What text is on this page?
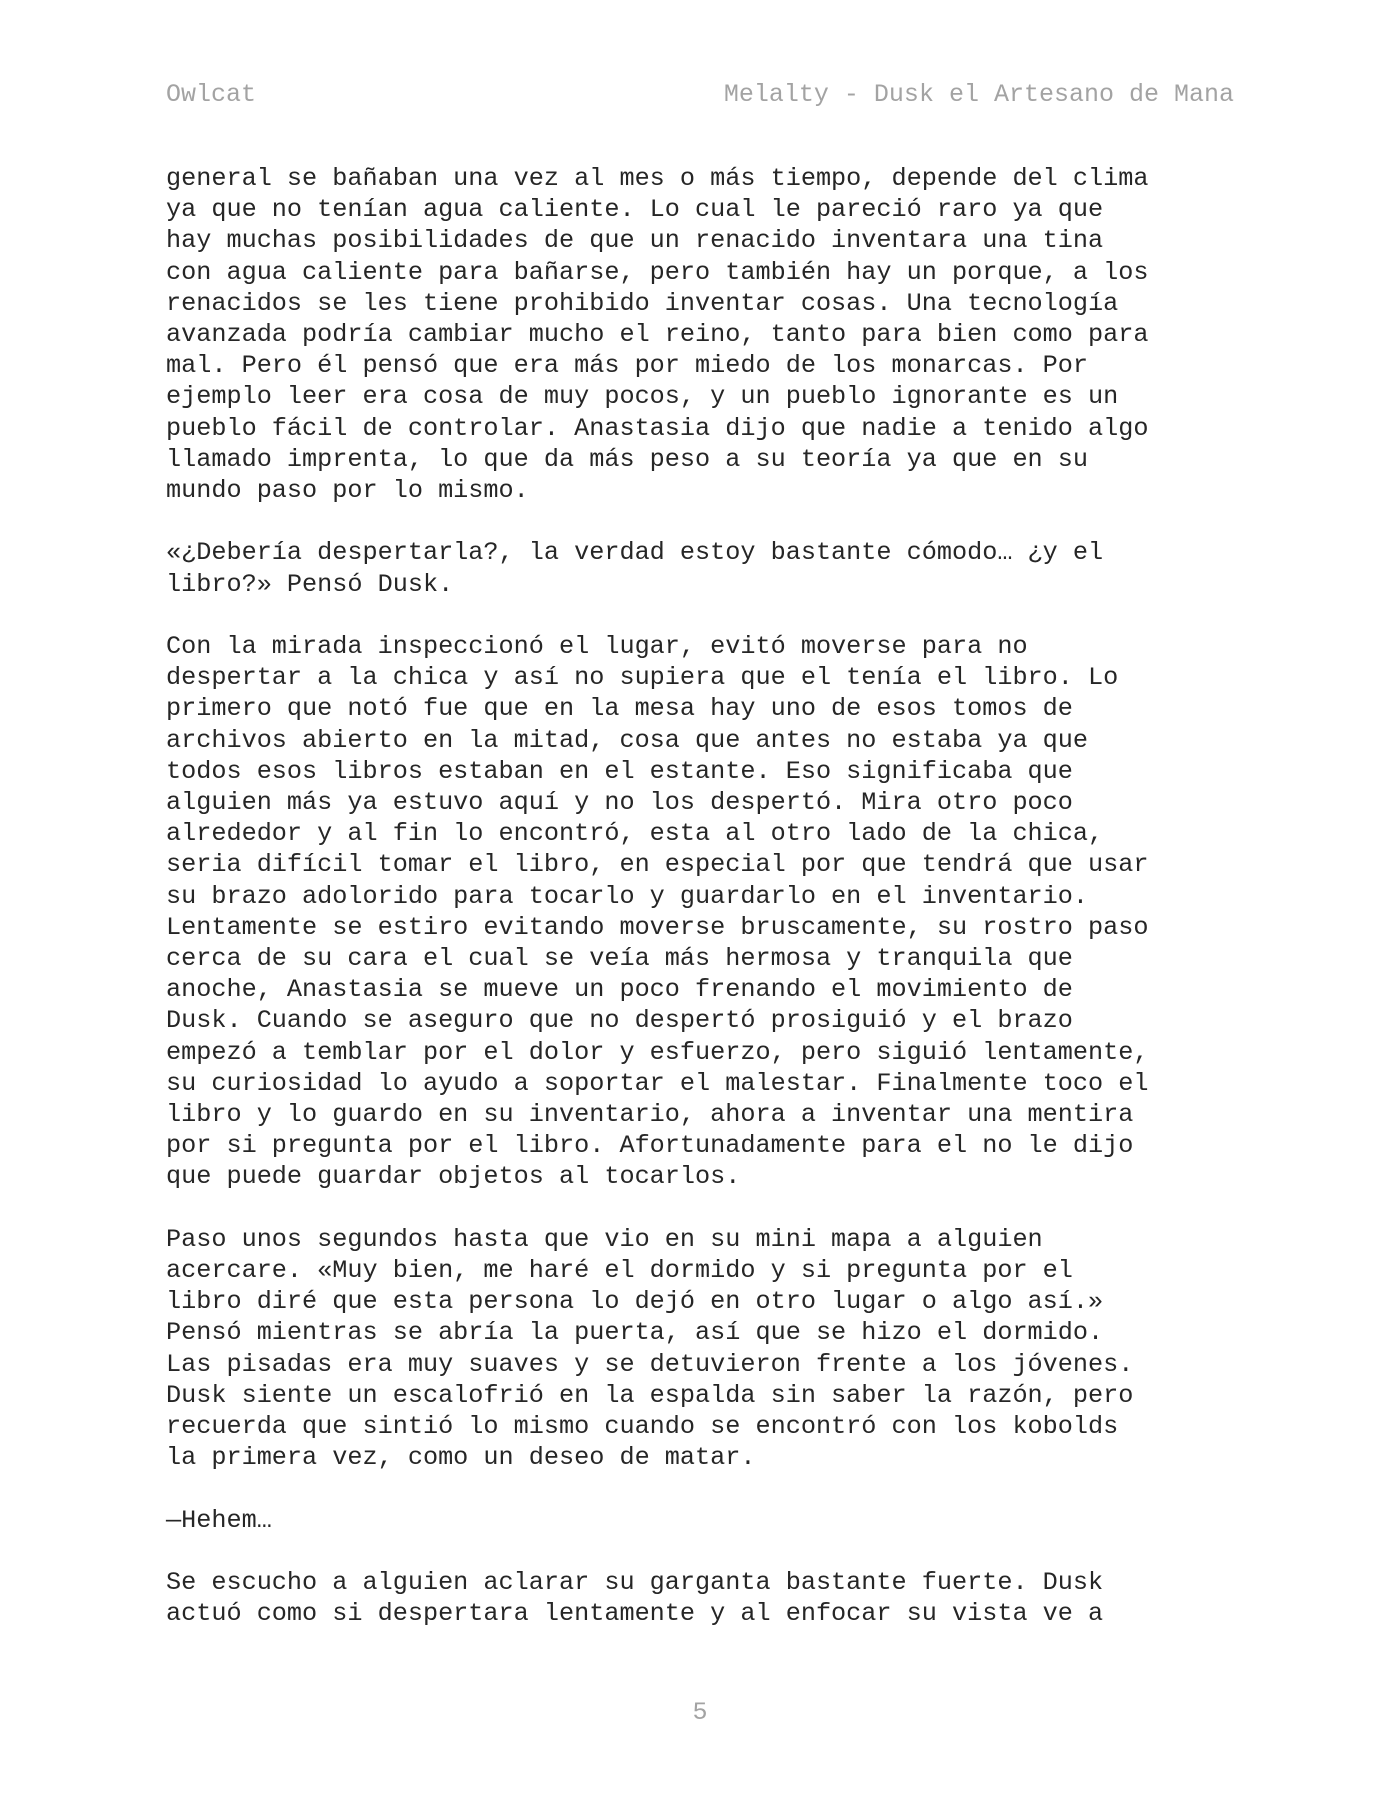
Owlcat	Melalty - Dusk el Artesano de Mana

general se bañaban una vez al mes o más tiempo, depende del clima
ya que no tenían agua caliente. Lo cual le pareció raro ya que
hay muchas posibilidades de que un renacido inventara una tina
con agua caliente para bañarse, pero también hay un porque, a los
renacidos se les tiene prohibido inventar cosas. Una tecnología
avanzada podría cambiar mucho el reino, tanto para bien como para
mal. Pero él pensó que era más por miedo de los monarcas. Por
ejemplo leer era cosa de muy pocos, y un pueblo ignorante es un
pueblo fácil de controlar. Anastasia dijo que nadie a tenido algo
llamado imprenta, lo que da más peso a su teoría ya que en su
mundo paso por lo mismo.

«¿Debería despertarla?, la verdad estoy bastante cómodo… ¿y el
libro?» Pensó Dusk.

Con la mirada inspeccionó el lugar, evitó moverse para no
despertar a la chica y así no supiera que el tenía el libro. Lo
primero que notó fue que en la mesa hay uno de esos tomos de
archivos abierto en la mitad, cosa que antes no estaba ya que
todos esos libros estaban en el estante. Eso significaba que
alguien más ya estuvo aquí y no los despertó. Mira otro poco
alrededor y al fin lo encontró, esta al otro lado de la chica,
seria difícil tomar el libro, en especial por que tendrá que usar
su brazo adolorido para tocarlo y guardarlo en el inventario.
Lentamente se estiro evitando moverse bruscamente, su rostro paso
cerca de su cara el cual se veía más hermosa y tranquila que
anoche, Anastasia se mueve un poco frenando el movimiento de
Dusk. Cuando se aseguro que no despertó prosiguió y el brazo
empezó a temblar por el dolor y esfuerzo, pero siguió lentamente,
su curiosidad lo ayudo a soportar el malestar. Finalmente toco el
libro y lo guardo en su inventario, ahora a inventar una mentira
por si pregunta por el libro. Afortunadamente para el no le dijo
que puede guardar objetos al tocarlos.

Paso unos segundos hasta que vio en su mini mapa a alguien
acercare. «Muy bien, me haré el dormido y si pregunta por el
libro diré que esta persona lo dejó en otro lugar o algo así.»
Pensó mientras se abría la puerta, así que se hizo el dormido.
Las pisadas era muy suaves y se detuvieron frente a los jóvenes.
Dusk siente un escalofrió en la espalda sin saber la razón, pero
recuerda que sintió lo mismo cuando se encontró con los kobolds
la primera vez, como un deseo de matar.

—Hehem…

Se escucho a alguien aclarar su garganta bastante fuerte. Dusk
actuó como si despertara lentamente y al enfocar su vista ve a

5
